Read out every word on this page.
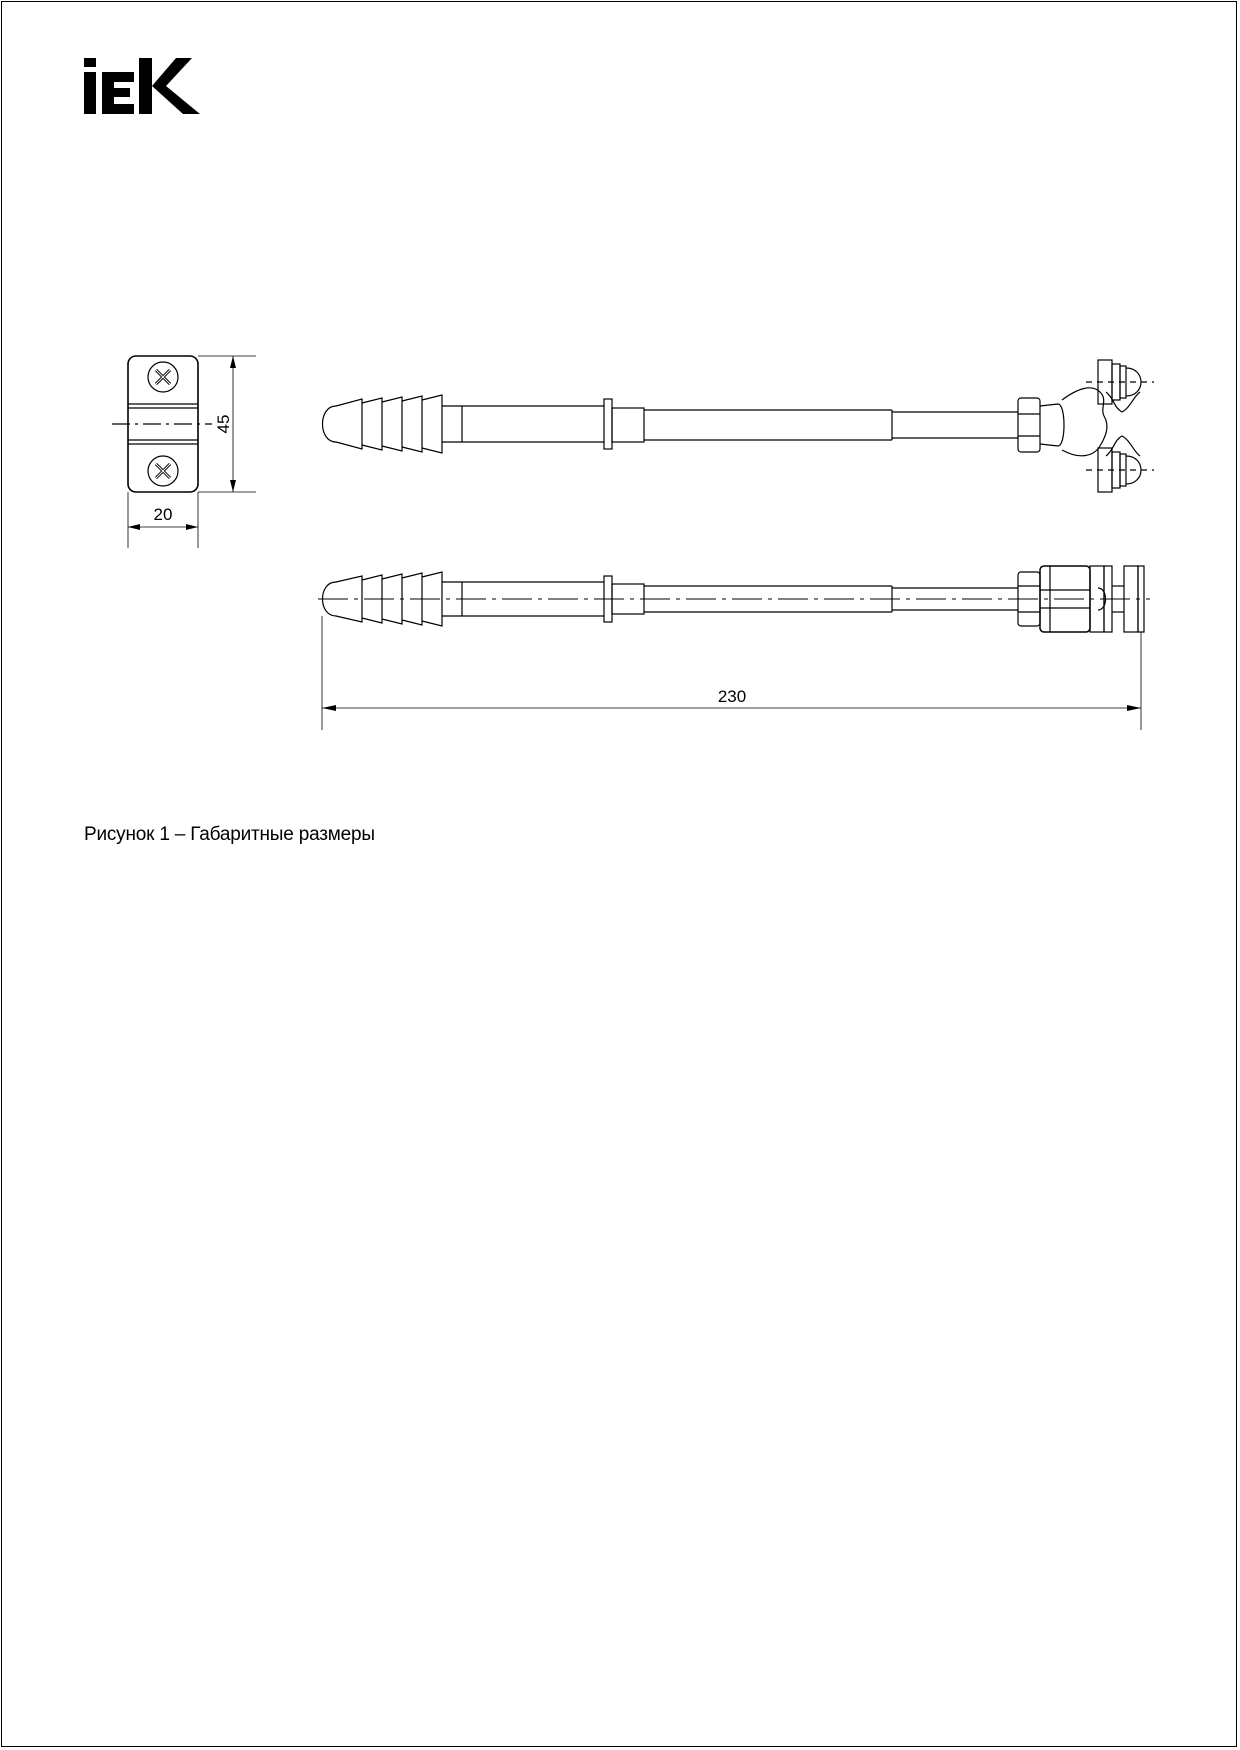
45
20
230
Рисунок 1 – Габаритные размеры
